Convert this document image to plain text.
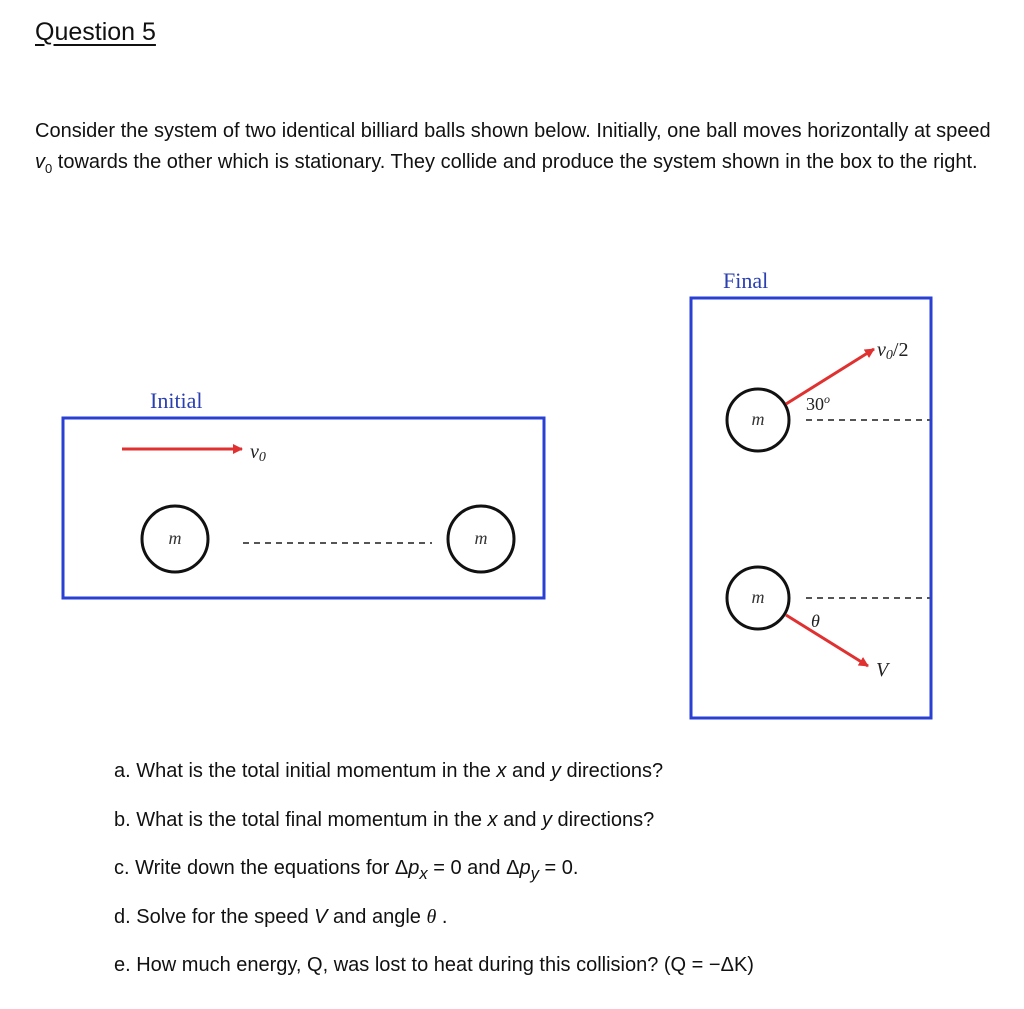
Question 5
Consider the system of two identical billiard balls shown below. Initially, one ball moves horizontally at speed $v_0$ towards the other which is stationary. They collide and produce the system shown in the box to the right.
Initial
Final
v0
m	m
m
v0/2
30$^o$
m
θ
V
a. What is the total initial momentum in the x and y directions?
b. What is the total final momentum in the x and y directions?
c. Write down the equations for $\Delta p_x = 0$ and $\Delta p_y = 0$.
d. Solve for the speed V and angle θ .
e. How much energy, Q, was lost to heat during this collision? (Q = −ΔK)
